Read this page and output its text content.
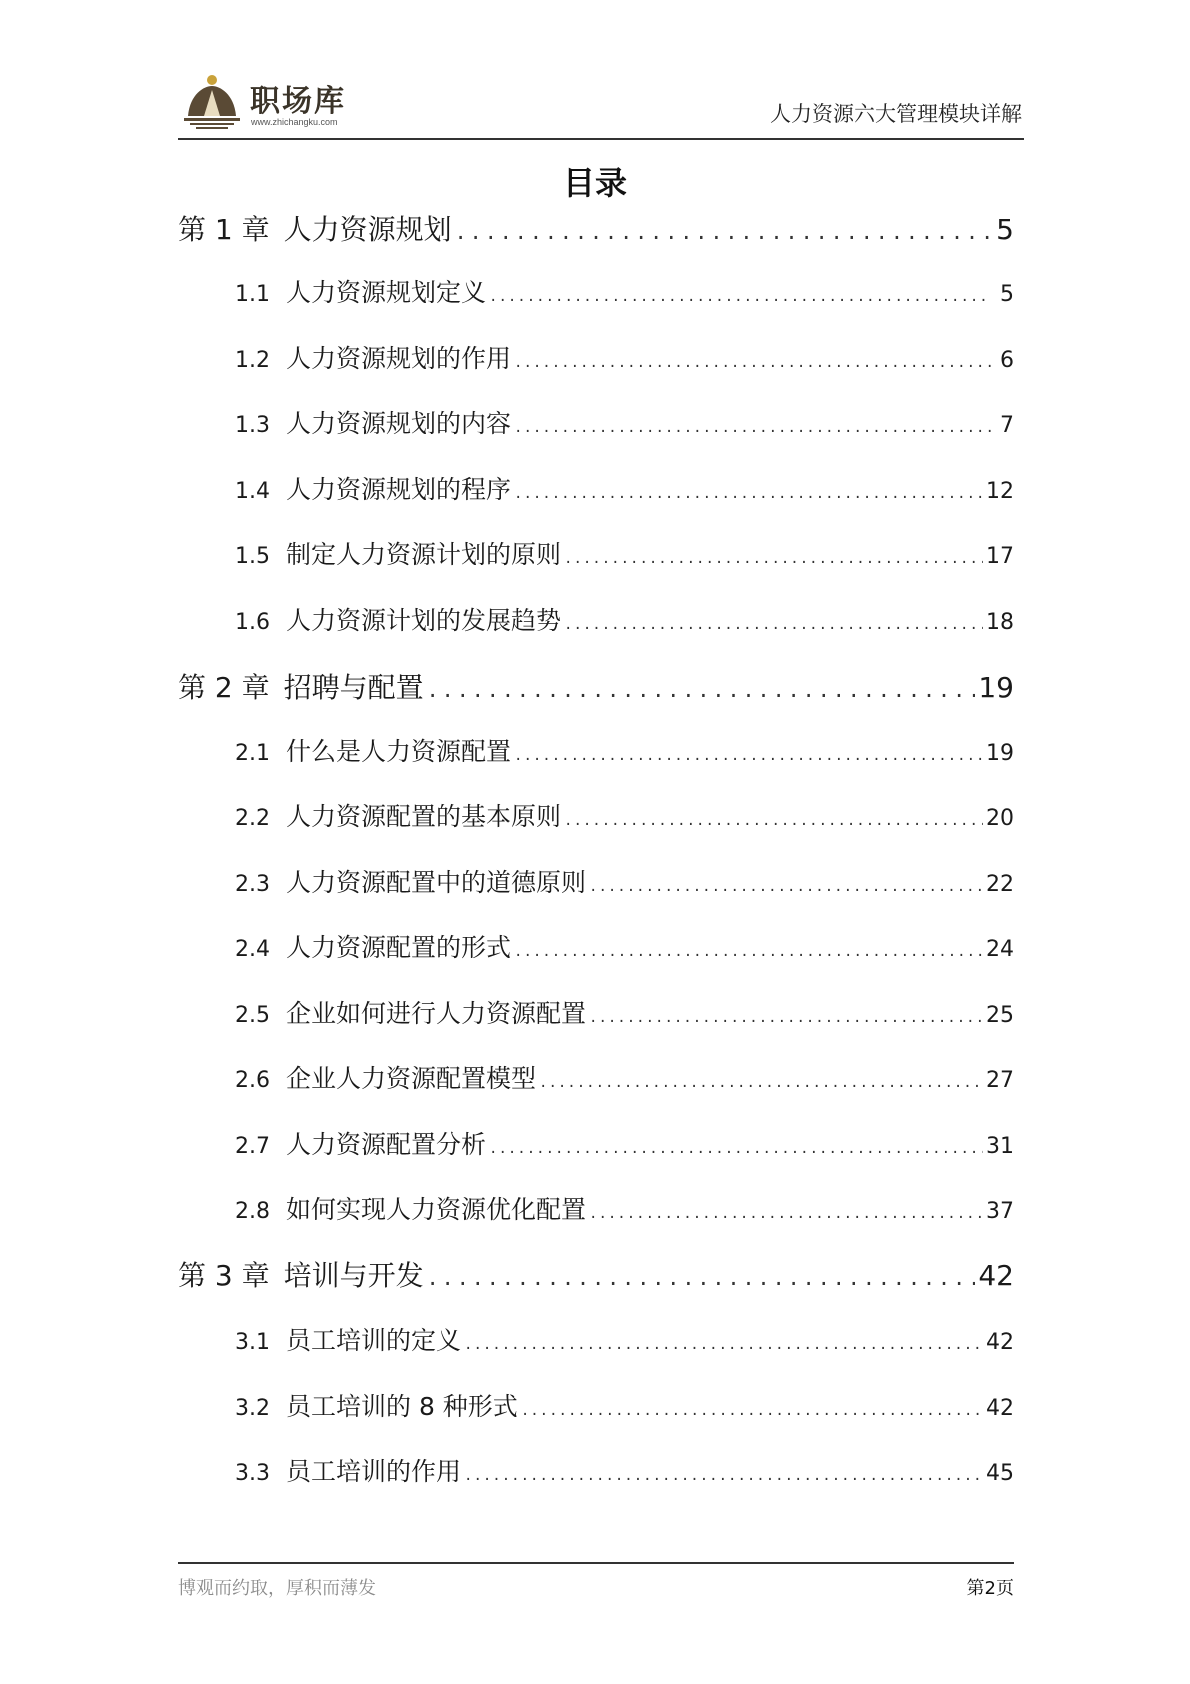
职场库
www.zhichangku.com	人力资源六大管理模块详解
目录
第 1 章 人力资源规划 .....	5
1.1 人力资源规划定义 .....	5
1.2 人力资源规划的作用 .....	6
1.3 人力资源规划的内容 .....	7
1.4 人力资源规划的程序 .....	12
1.5 制定人力资源计划的原则 .....	17
1.6 人力资源计划的发展趋势 .....	18
第 2 章 招聘与配置 .....	19
2.1 什么是人力资源配置 .....	19
2.2 人力资源配置的基本原则 .....	20
2.3 人力资源配置中的道德原则 .....	22
2.4 人力资源配置的形式 .....	24
2.5 企业如何进行人力资源配置 .....	25
2.6 企业人力资源配置模型 .....	27
2.7 人力资源配置分析 .....	31
2.8 如何实现人力资源优化配置 .....	37
第 3 章 培训与开发 .....	42
3.1 员工培训的定义 .....	42
3.2 员工培训的 8 种形式 .....	42
3.3 员工培训的作用 .....	45
博观而约取，厚积而薄发	第2页
